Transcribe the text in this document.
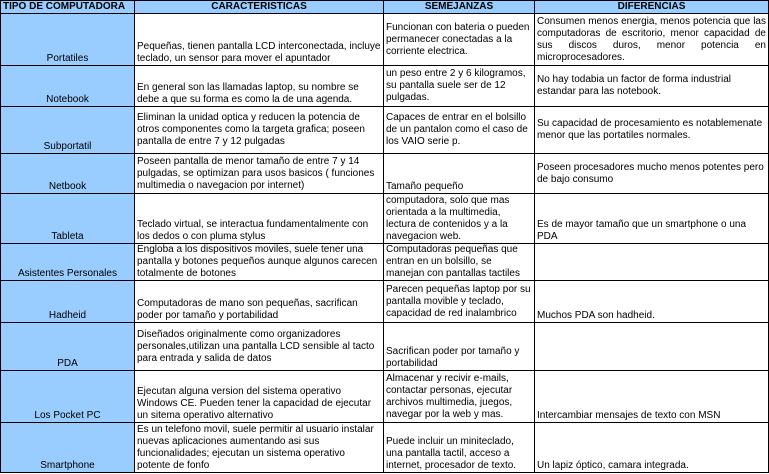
TIPO DE COMPUTADORA	CARACTERISTICAS	SEMEJANZAS	DIFERENCIAS
Portatiles	Pequeñas, tienen pantalla LCD interconectada, incluye teclado, un sensor para mover el apuntador	Funcionan con bateria o pueden permanecer conectadas a la corriente electrica.	Consumen menos energia, menos potencia que las computadoras de escritorio, menor capacidad de sus discos duros, menor potencia en microprocesadores.
Notebook	En general son las llamadas laptop, su nombre se debe a que su forma es como la de una agenda.	un peso entre 2 y 6 kilogramos, su pantalla suele ser de 12 pulgadas.	No hay todabia un factor de forma industrial estandar para las notebook.
Subportatil	Eliminan la unidad optica y reducen la potencia de otros componentes como la targeta grafica; poseen pantalla de entre 7 y 12 pulgadas	Capaces de entrar en el bolsillo de un pantalon como el caso de los VAIO serie p.	Su capacidad de procesamiento es notablemenate menor que las portatiles normales.
Netbook	Poseen pantalla de menor tamaño de entre 7 y 14 pulgadas, se optimizan para usos basicos ( funciones multimedia o navegacion por internet)	Tamaño pequeño	Poseen procesadores mucho menos potentes pero de bajo consumo
Tableta	Teclado virtual, se interactua fundamentalmente con los dedos o con pluma stylus	computadora, solo que mas orientada a la multimedia, lectura de contenidos y a la navegacion web.	Es de mayor tamaño que un smartphone o una PDA
Asistentes Personales	Engloba a los dispositivos moviles, suele tener una pantalla y botones pequeños aunque algunos carecen totalmente de botones	Computadoras pequeñas que entran en un bolsillo, se manejan con pantallas tactiles	
Hadheid	Computadoras de mano son pequeñas, sacrifican poder por tamaño y portabilidad	Parecen pequeñas laptop por su pantalla movible y teclado, capacidad de red inalambrico	Muchos PDA son hadheid.
PDA	Diseñados originalmente como organizadores personales,utilizan una pantalla LCD sensible al tacto para entrada y salida de datos	Sacrifican poder por tamaño y portabilidad	
Los Pocket PC	Ejecutan alguna version del sistema operativo Windows CE. Pueden tener la capacidad de ejecutar un sitema operativo alternativo	Almacenar y recivir e-mails, contactar personas, ejecutar archivos multimedia, juegos, navegar por la web y mas.	Intercambiar mensajes de texto con MSN
Smartphone	Es un telefono movil, suele permitir al usuario instalar nuevas aplicaciones aumentando asi sus funcionalidades; ejecutan un sistema operativo potente de fonfo	Puede incluir un miniteclado, una pantalla tactil, acceso a internet, procesador de texto.	Un lapiz óptico, camara integrada.
